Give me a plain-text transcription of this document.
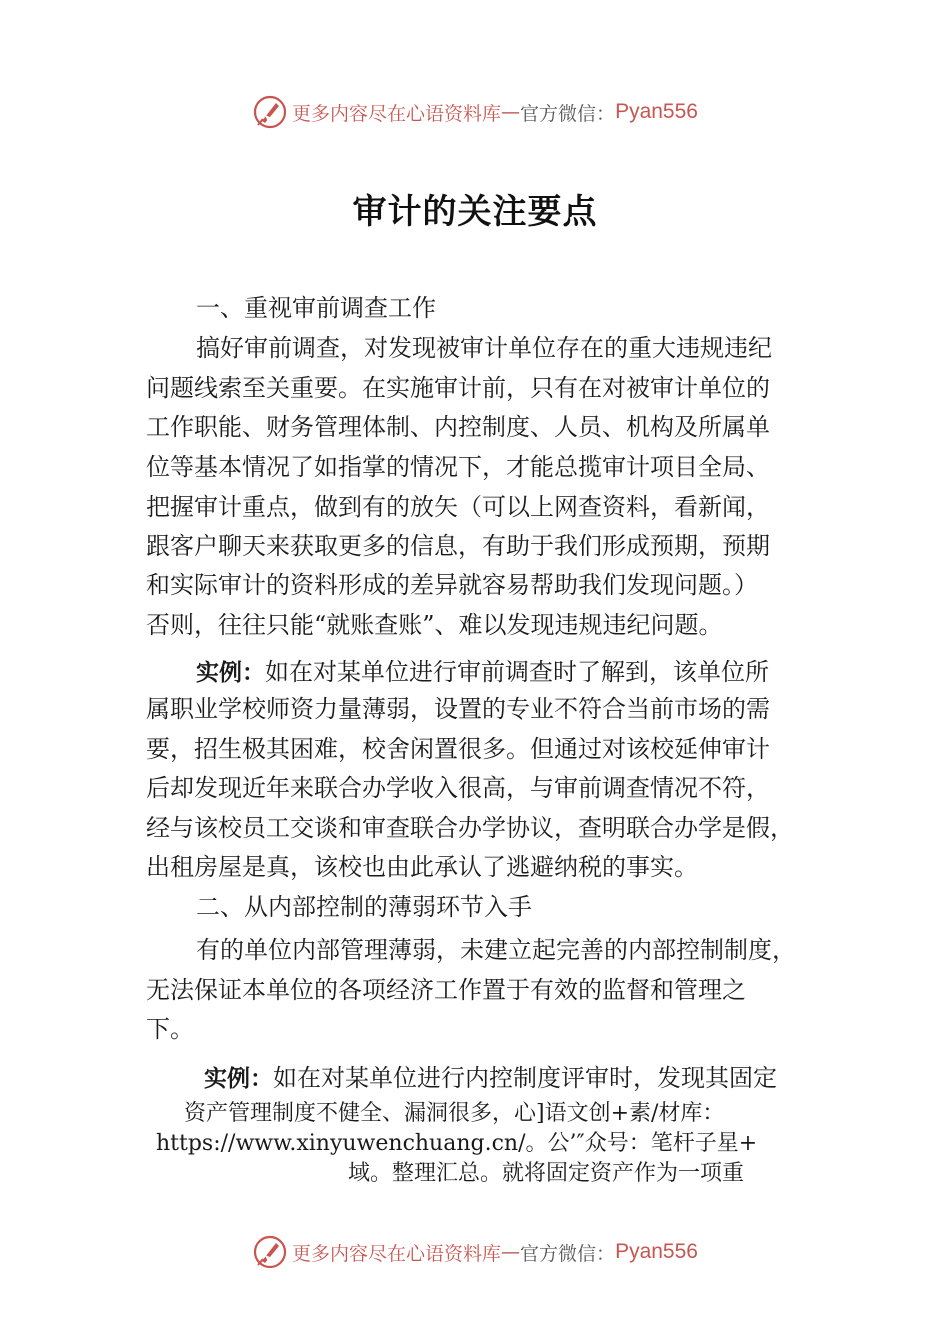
更多内容尽在心语资料库 — 官方微信： Pyan556
审计的关注要点
一、重视审前调查工作
搞好审前调查，对发现被审计单位存在的重大违规违纪
问题线索至关重要。在实施审计前，只有在对被审计单位的
工作职能、财务管理体制、内控制度、人员、机构及所属单
位等基本情况了如指掌的情况下，才能总揽审计项目全局、
把握审计重点，做到有的放矢（可以上网查资料，看新闻，
跟客户聊天来获取更多的信息，有助于我们形成预期，预期
和实际审计的资料形成的差异就容易帮助我们发现问题。）
否则，往往只能“就账查账”、难以发现违规违纪问题。
实例：如在对某单位进行审前调查时了解到，该单位所
属职业学校师资力量薄弱，设置的专业不符合当前市场的需
要，招生极其困难，校舍闲置很多。但通过对该校延伸审计
后却发现近年来联合办学收入很高，与审前调查情况不符，
经与该校员工交谈和审查联合办学协议，查明联合办学是假，
出租房屋是真，该校也由此承认了逃避纳税的事实。
二、从内部控制的薄弱环节入手
有的单位内部管理薄弱，未建立起完善的内部控制制度，
无法保证本单位的各项经济工作置于有效的监督和管理之
下。
实例：如在对某单位进行内控制度评审时，发现其固定
资产管理制度不健全、漏洞很多，心]语文创+素/材库：
https://www.xinyuwenchuang.cn/。公’″众号：笔杆子星+
域。整理汇总。就将固定资产作为一项重
更多内容尽在心语资料库 — 官方微信： Pyan556
